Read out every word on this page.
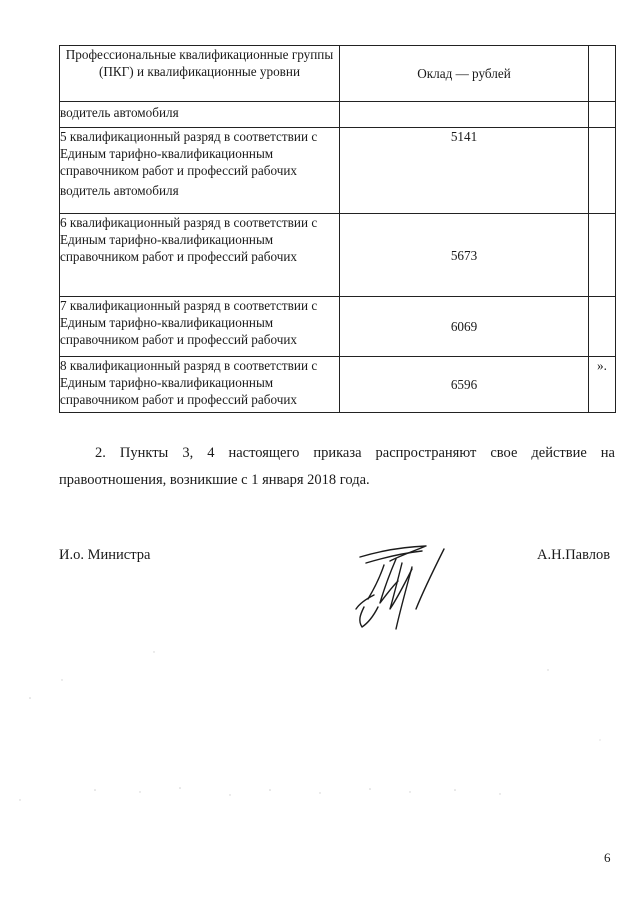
Профессиональные квалификационные группы (ПКГ) и квалификационные уровни	Оклад — рублей	
водитель автомобиля		

5 квалификационный разряд в соответствии с Единым тарифно-квалификационным справочником работ и профессий рабочих
водитель автомобиля	5141	
6 квалификационный разряд в соответствии с Единым тарифно-квалификационным справочником работ и профессий рабочих	5673	
7 квалификационный разряд в соответствии с Единым тарифно-квалификационным справочником работ и профессий рабочих	6069	
8 квалификационный разряд в соответствии с Единым тарифно-квалификационным справочником работ и профессий рабочих	6596	».
2. Пункты 3, 4 настоящего приказа распространяют свое действие на
правоотношения, возникшие с 1 января 2018 года.
И.о. Министра	А.Н.Павлов
6
